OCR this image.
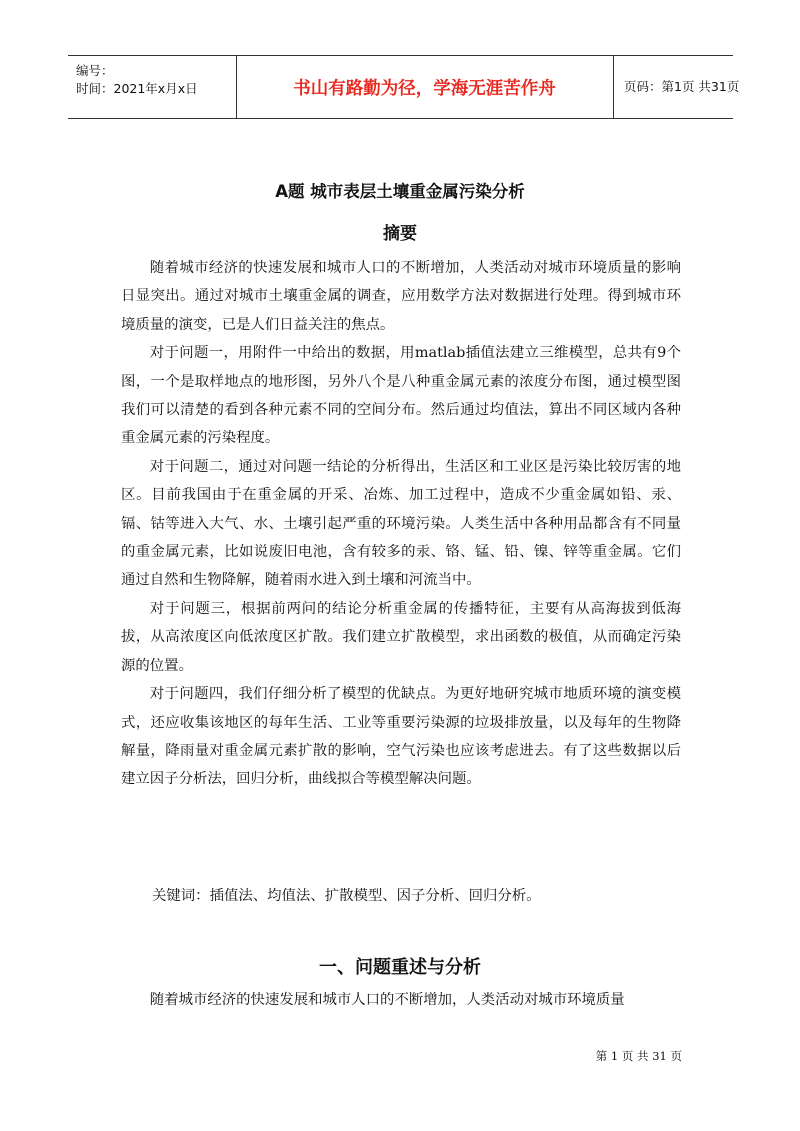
编号：
时间：2021年x月x日	书山有路勤为径，学海无涯苦作舟	页码：第1页 共31页
A题 城市表层土壤重金属污染分析
摘要

随着城市经济的快速发展和城市人口的不断增加，人类活动对城市环境质量的影响日显突出。通过对城市土壤重金属的调查，应用数学方法对数据进行处理。得到城市环境质量的演变，已是人们日益关注的焦点。

对于问题一，用附件一中给出的数据，用matlab插值法建立三维模型，总共有9个图，一个是取样地点的地形图，另外八个是八种重金属元素的浓度分布图，通过模型图我们可以清楚的看到各种元素不同的空间分布。然后通过均值法，算出不同区域内各种重金属元素的污染程度。

对于问题二，通过对问题一结论的分析得出，生活区和工业区是污染比较厉害的地区。目前我国由于在重金属的开采、冶炼、加工过程中，造成不少重金属如铅、汞、镉、钴等进入大气、水、土壤引起严重的环境污染。人类生活中各种用品都含有不同量的重金属元素，比如说废旧电池，含有较多的汞、铬、锰、铅、镍、锌等重金属。它们通过自然和生物降解，随着雨水进入到土壤和河流当中。

对于问题三，根据前两问的结论分析重金属的传播特征，主要有从高海拔到低海拔，从高浓度区向低浓度区扩散。我们建立扩散模型，求出函数的极值，从而确定污染源的位置。

对于问题四，我们仔细分析了模型的优缺点。为更好地研究城市地质环境的演变模式，还应收集该地区的每年生活、工业等重要污染源的垃圾排放量，以及每年的生物降解量，降雨量对重金属元素扩散的影响，空气污染也应该考虑进去。有了这些数据以后建立因子分析法，回归分析，曲线拟合等模型解决问题。

关键词：插值法、均值法、扩散模型、因子分析、回归分析。
一、问题重述与分析

随着城市经济的快速发展和城市人口的不断增加，人类活动对城市环境质量

第 1 页 共 31 页
